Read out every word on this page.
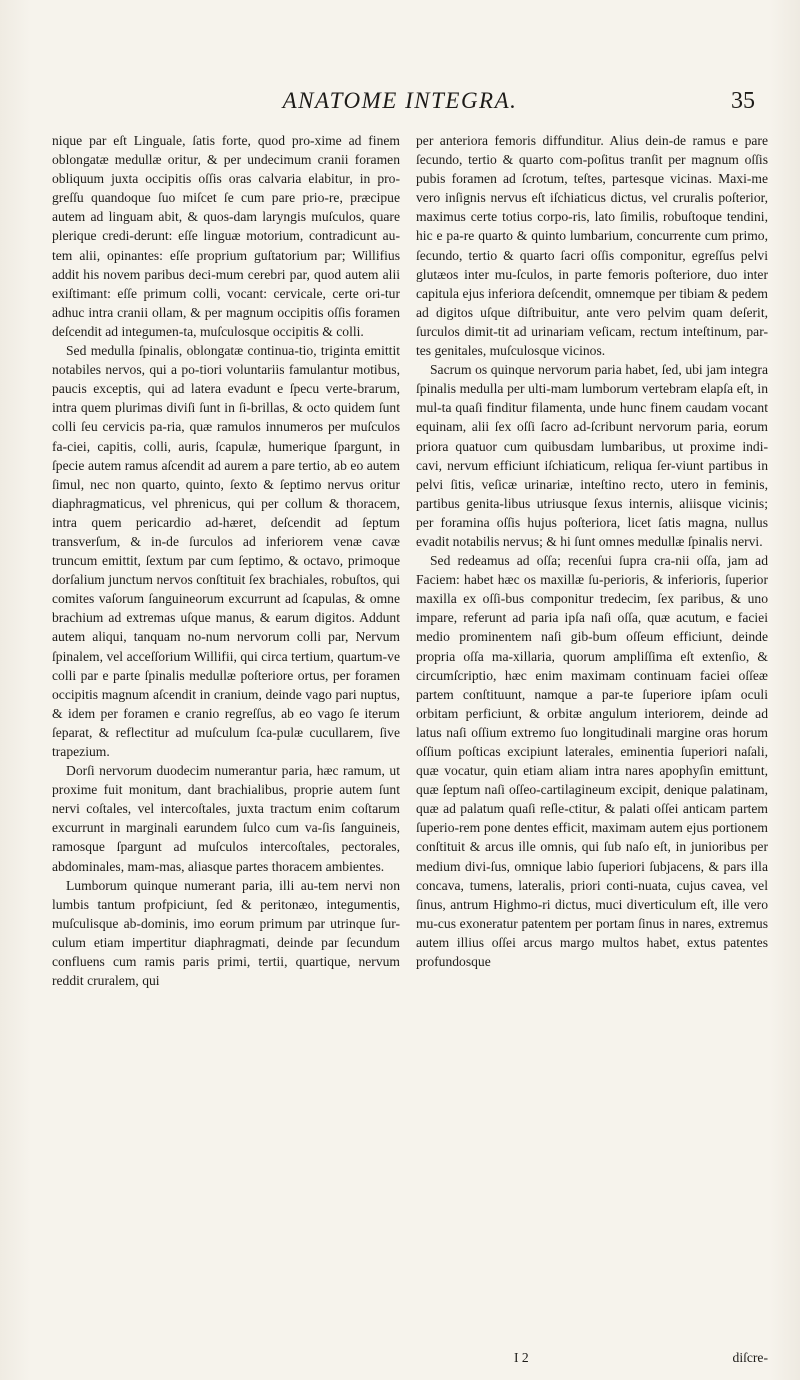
ANATOME INTEGRA.	35

nique par eſt Linguale, ſatis forte, quod pro-xime ad finem oblongatæ medullæ oritur, & per undecimum cranii foramen obliquum juxta occipitis oſſis oras calvaria elabitur, in pro-greſſu quandoque ſuo miſcet ſe cum pare prio-re, præcipue autem ad linguam abit, & quos-dam laryngis muſculos, quare plerique credi-derunt: eſſe linguæ motorium, contradicunt au-tem alii, opinantes: eſſe proprium guſtatorium par; Willifius addit his novem paribus deci-mum cerebri par, quod autem alii exiſtimant: eſſe primum colli, vocant: cervicale, certe ori-tur adhuc intra cranii ollam, & per magnum occipitis oſſis foramen deſcendit ad integumen-ta, muſculosque occipitis & colli.

Sed medulla ſpinalis, oblongatæ continua-tio, triginta emittit notabiles nervos, qui a po-tiori voluntariis famulantur motibus, paucis exceptis, qui ad latera evadunt e ſpecu verte-brarum, intra quem plurimas diviſi ſunt in ſi-brillas, & octo quidem ſunt colli ſeu cervicis pa-ria, quæ ramulos innumeros per muſculos fa-ciei, capitis, colli, auris, ſcapulæ, humerique ſpargunt, in ſpecie autem ramus aſcendit ad aurem a pare tertio, ab eo autem ſimul, nec non quarto, quinto, ſexto & ſeptimo nervus oritur diaphragmaticus, vel phrenicus, qui per collum & thoracem, intra quem pericardio ad-hæret, deſcendit ad ſeptum transverſum, & in-de ſurculos ad inferiorem venæ cavæ truncum emittit, ſextum par cum ſeptimo, & octavo, primoque dorſalium junctum nervos conſtituit ſex brachiales, robuſtos, qui comites vaſorum ſanguineorum excurrunt ad ſcapulas, & omne brachium ad extremas uſque manus, & earum digitos. Addunt autem aliqui, tanquam no-num nervorum colli par, Nervum ſpinalem, vel acceſſorium Willifii, qui circa tertium, quartum-ve colli par e parte ſpinalis medullæ poſteriore ortus, per foramen occipitis magnum aſcendit in cranium, deinde vago pari nuptus, & idem per foramen e cranio regreſſus, ab eo vago ſe iterum ſeparat, & reflectitur ad muſculum ſca-pulæ cucullarem, ſive trapezium.

Dorſi nervorum duodecim numerantur paria, hæc ramum, ut proxime fuit monitum, dant brachialibus, proprie autem ſunt nervi coſtales, vel intercoſtales, juxta tractum enim coſtarum excurrunt in marginali earundem ſulco cum va-ſis ſanguineis, ramosque ſpargunt ad muſculos intercoſtales, pectorales, abdominales, mam-mas, aliasque partes thoracem ambientes.

Lumborum quinque numerant paria, illi au-tem nervi non lumbis tantum profpiciunt, ſed & peritonæo, integumentis, muſculisque ab-dominis, imo eorum primum par utrinque ſur-culum etiam impertitur diaphragmati, deinde par ſecundum confluens cum ramis paris primi, tertii, quartique, nervum reddit cruralem, qui

per anteriora femoris diffunditur. Alius dein-de ramus e pare ſecundo, tertio & quarto com-poſitus tranſit per magnum oſſis pubis foramen ad ſcrotum, teſtes, partesque vicinas. Maxi-me vero inſignis nervus eſt iſchiaticus dictus, vel cruralis poſterior, maximus certe totius corpo-ris, lato ſimilis, robuſtoque tendini, hic e pa-re quarto & quinto lumbarium, concurrente cum primo, ſecundo, tertio & quarto ſacri oſſis componitur, egreſſus pelvi glutæos inter mu-ſculos, in parte femoris poſteriore, duo inter capitula ejus inferiora deſcendit, omnemque per tibiam & pedem ad digitos uſque diſtribuitur, ante vero pelvim quam deſerit, ſurculos dimit-tit ad urinariam veſicam, rectum inteſtinum, par-tes genitales, muſculosque vicinos.

Sacrum os quinque nervorum paria habet, ſed, ubi jam integra ſpinalis medulla per ulti-mam lumborum vertebram elapſa eſt, in mul-ta quaſi finditur filamenta, unde hunc finem caudam vocant equinam, alii ſex oſſi ſacro ad-ſcribunt nervorum paria, eorum priora quatuor cum quibusdam lumbaribus, ut proxime indi-cavi, nervum efficiunt iſchiaticum, reliqua ſer-viunt partibus in pelvi ſitis, veſicæ urinariæ, inteſtino recto, utero in feminis, partibus genita-libus utriusque ſexus internis, aliisque vicinis; per foramina oſſis hujus poſteriora, licet ſatis magna, nullus evadit notabilis nervus; & hi ſunt omnes medullæ ſpinalis nervi.

Sed redeamus ad oſſa; recenſui ſupra cra-nii oſſa, jam ad Faciem: habet hæc os maxillæ ſu-perioris, & inferioris, ſuperior maxilla ex oſſi-bus componitur tredecim, ſex paribus, & uno impare, referunt ad paria ipſa naſi oſſa, quæ acutum, e faciei medio prominentem naſi gib-bum oſſeum efficiunt, deinde propria oſſa ma-xillaria, quorum ampliſſima eſt extenſio, & circumſcriptio, hæc enim maximam continuam faciei oſſeæ partem conſtituunt, namque a par-te ſuperiore ipſam oculi orbitam perficiunt, & orbitæ angulum interiorem, deinde ad latus naſi oſſium extremo ſuo longitudinali margine oras horum oſſium poſticas excipiunt laterales, eminentia ſuperiori naſali, quæ vocatur, quin etiam aliam intra nares apophyſin emittunt, quæ ſeptum naſi oſſeo-cartilagineum excipit, denique palatinam, quæ ad palatum quaſi reſle-ctitur, & palati oſſei anticam partem ſuperio-rem pone dentes efficit, maximam autem ejus portionem conſtituit & arcus ille omnis, qui ſub naſo eſt, in junioribus per medium divi-ſus, omnique labio ſuperiori ſubjacens, & pars illa concava, tumens, lateralis, priori conti-nuata, cujus cavea, vel ſinus, antrum Highmo-ri dictus, muci diverticulum eſt, ille vero mu-cus exoneratur patentem per portam ſinus in nares, extremus autem illius oſſei arcus margo multos habet, extus patentes profundosque

I 2	diſcre-
